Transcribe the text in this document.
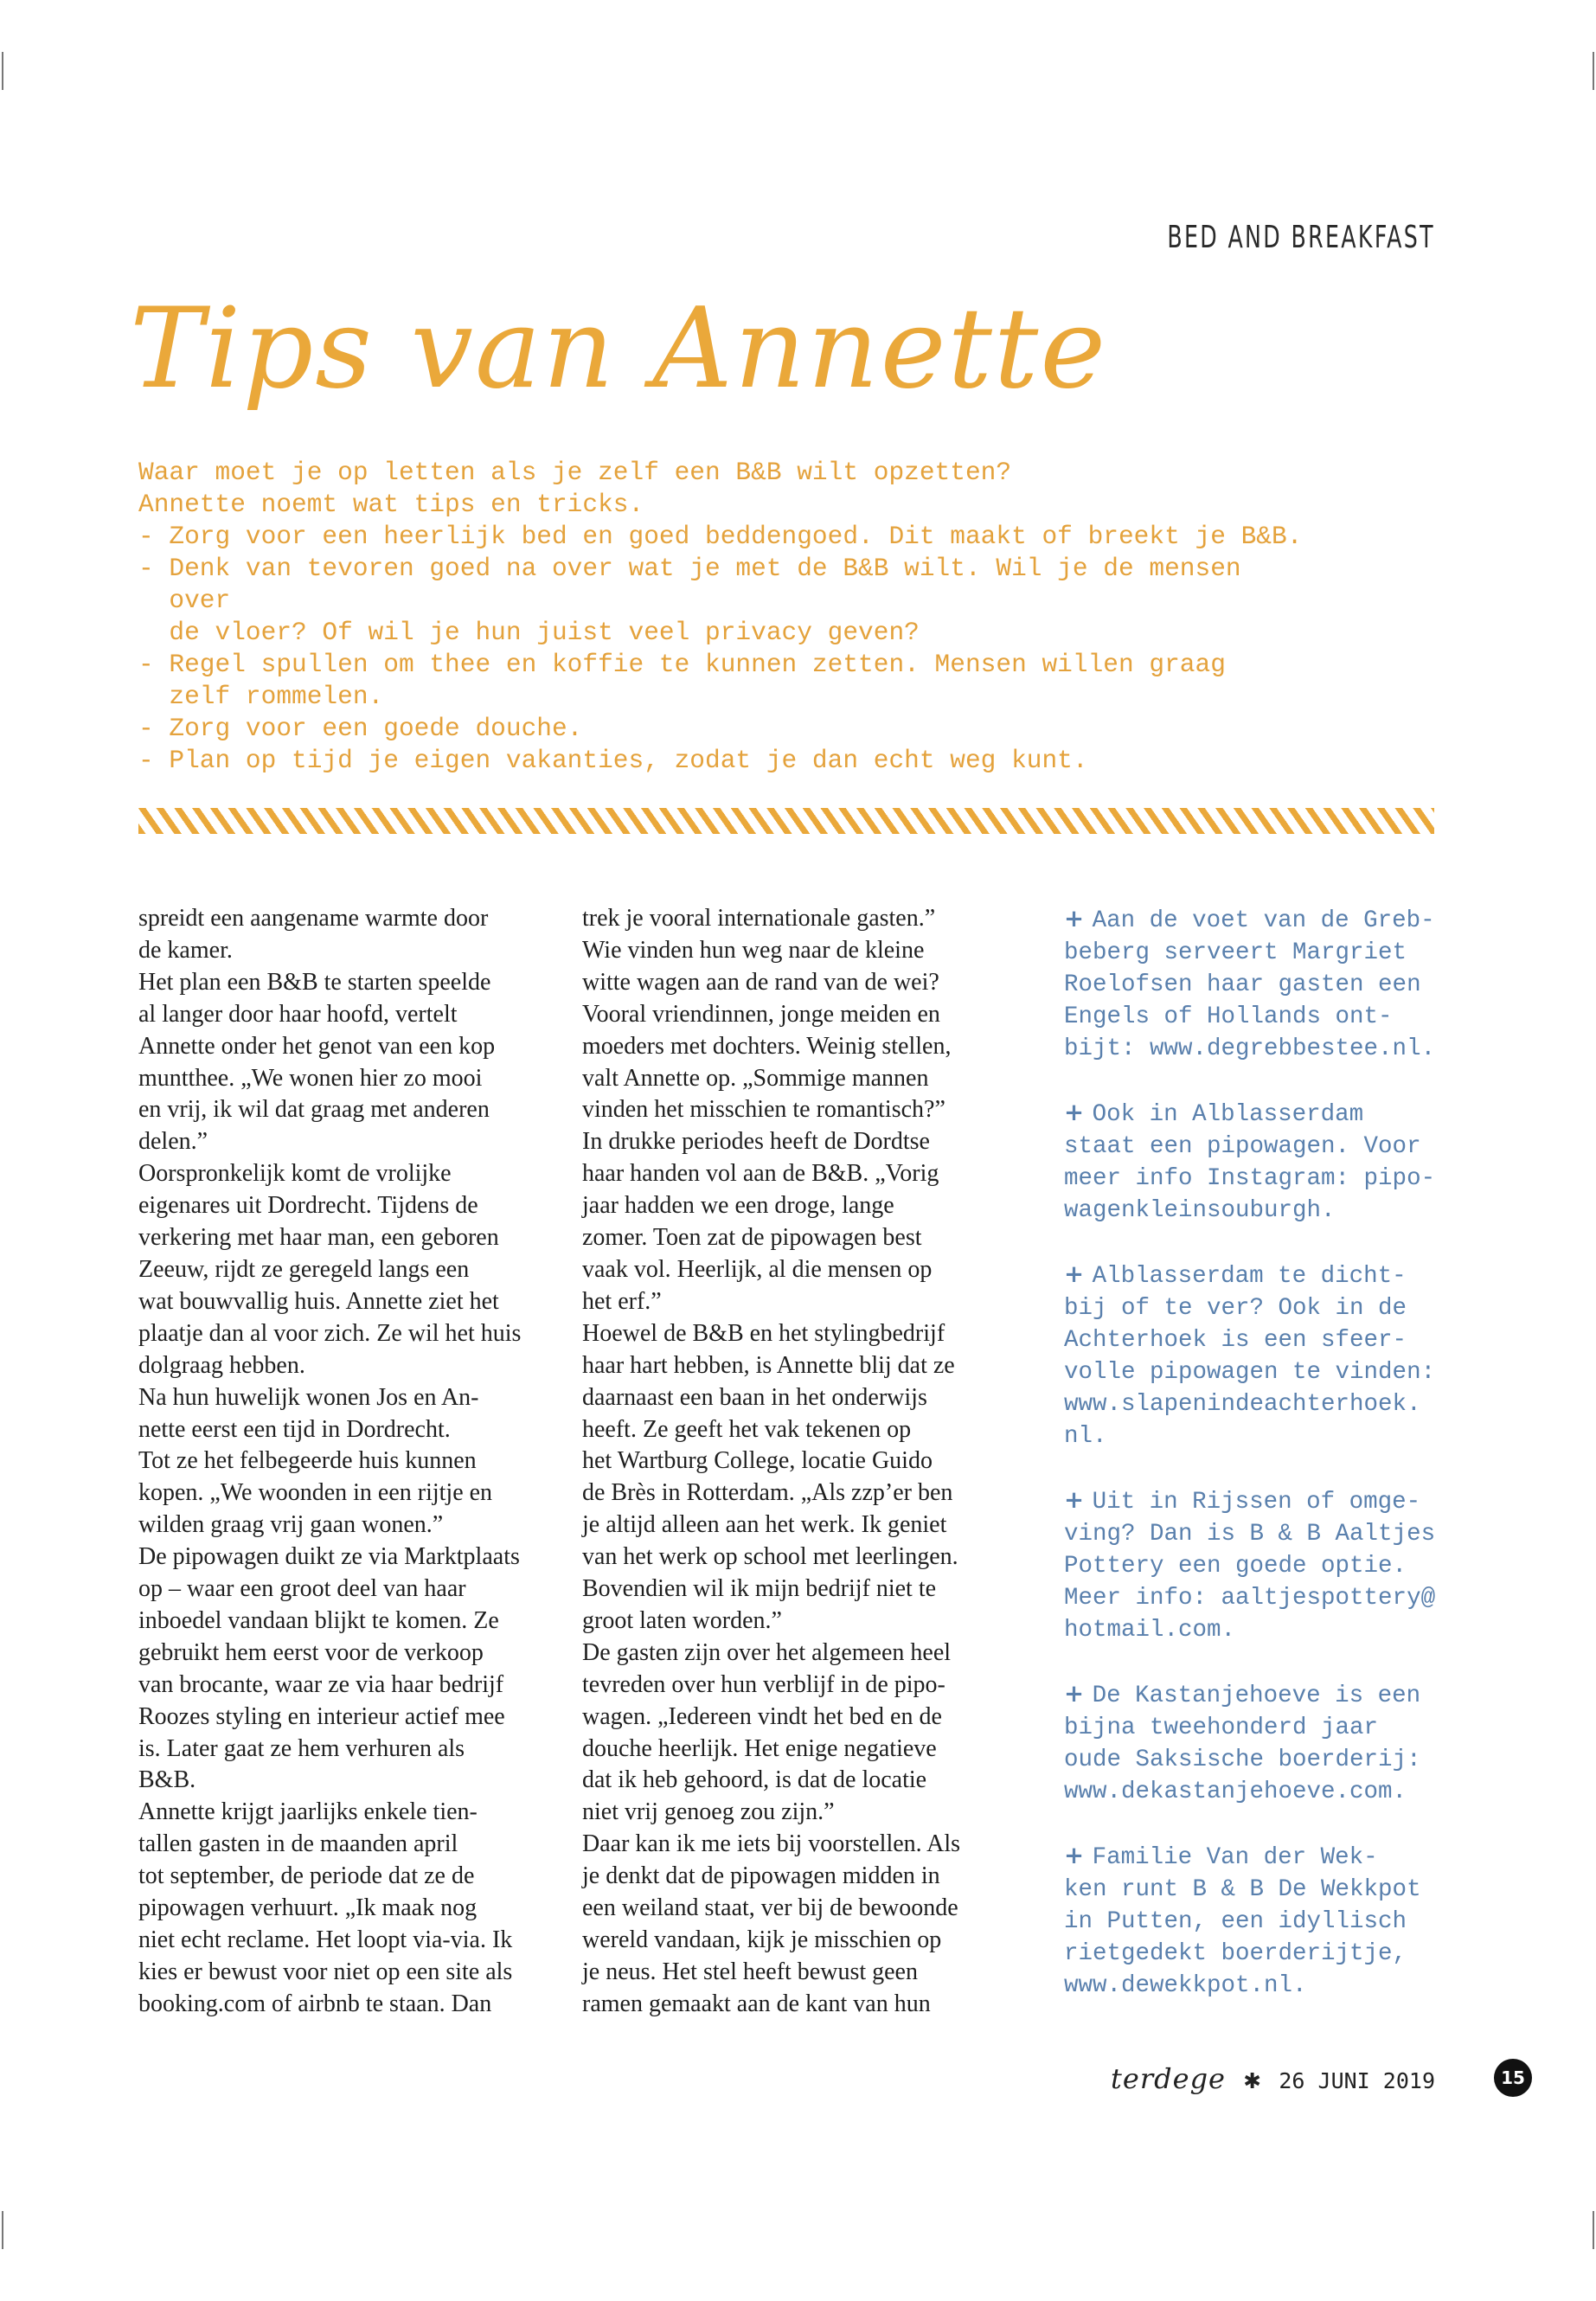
BED AND BREAKFAST
Tips van Annette
Waar moet je op letten als je zelf een B&B wilt opzetten?
Annette noemt wat tips en tricks.
- Zorg voor een heerlijk bed en goed beddengoed. Dit maakt of breekt je B&B.
- Denk van tevoren goed na over wat je met de B&B wilt. Wil je de mensen
over
de vloer? Of wil je hun juist veel privacy geven?
- Regel spullen om thee en koffie te kunnen zetten. Mensen willen graag
zelf rommelen.
- Zorg voor een goede douche.
- Plan op tijd je eigen vakanties, zodat je dan echt weg kunt.
spreidt een aangename warmte door
de kamer.
Het plan een B&B te starten speelde
al langer door haar hoofd, vertelt
Annette onder het genot van een kop
muntthee. „We wonen hier zo mooi
en vrij, ik wil dat graag met anderen
delen.”
Oorspronkelijk komt de vrolijke
eigenares uit Dordrecht. Tijdens de
verkering met haar man, een geboren
Zeeuw, rijdt ze geregeld langs een
wat bouwvallig huis. Annette ziet het
plaatje dan al voor zich. Ze wil het huis
dolgraag hebben.
Na hun huwelijk wonen Jos en An-
nette eerst een tijd in Dordrecht.
Tot ze het felbegeerde huis kunnen
kopen. „We woonden in een rijtje en
wilden graag vrij gaan wonen.”
De pipowagen duikt ze via Marktplaats
op – waar een groot deel van haar
inboedel vandaan blijkt te komen. Ze
gebruikt hem eerst voor de verkoop
van brocante, waar ze via haar bedrijf
Roozes styling en interieur actief mee
is. Later gaat ze hem verhuren als
B&B.
Annette krijgt jaarlijks enkele tien-
tallen gasten in de maanden april
tot september, de periode dat ze de
pipowagen verhuurt. „Ik maak nog
niet echt reclame. Het loopt via-via. Ik
kies er bewust voor niet op een site als
booking.com of airbnb te staan. Dan
trek je vooral internationale gasten.”
Wie vinden hun weg naar de kleine
witte wagen aan de rand van de wei?
Vooral vriendinnen, jonge meiden en
moeders met dochters. Weinig stellen,
valt Annette op. „Sommige mannen
vinden het misschien te romantisch?”
In drukke periodes heeft de Dordtse
haar handen vol aan de B&B. „Vorig
jaar hadden we een droge, lange
zomer. Toen zat de pipowagen best
vaak vol. Heerlijk, al die mensen op
het erf.”
Hoewel de B&B en het stylingbedrijf
haar hart hebben, is Annette blij dat ze
daarnaast een baan in het onderwijs
heeft. Ze geeft het vak tekenen op
het Wartburg College, locatie Guido
de Brès in Rotterdam. „Als zzp’er ben
je altijd alleen aan het werk. Ik geniet
van het werk op school met leerlingen.
Bovendien wil ik mijn bedrijf niet te
groot laten worden.”
De gasten zijn over het algemeen heel
tevreden over hun verblijf in de pipo-
wagen. „Iedereen vindt het bed en de
douche heerlijk. Het enige negatieve
dat ik heb gehoord, is dat de locatie
niet vrij genoeg zou zijn.”
Daar kan ik me iets bij voorstellen. Als
je denkt dat de pipowagen midden in
een weiland staat, ver bij de bewoonde
wereld vandaan, kijk je misschien op
je neus. Het stel heeft bewust geen
ramen gemaakt aan de kant van hun
+ Aan de voet van de Greb-
beberg serveert Margriet
Roelofsen haar gasten een
Engels of Hollands ont-
bijt: www.degrebbestee.nl.
+ Ook in Alblasserdam
staat een pipowagen. Voor
meer info Instagram: pipo-
wagenkleinsouburgh.
+ Alblasserdam te dicht-
bij of te ver? Ook in de
Achterhoek is een sfeer-
volle pipowagen te vinden:
www.slapenindeachterhoek.
nl.
+ Uit in Rijssen of omge-
ving? Dan is B & B Aaltjes
Pottery een goede optie.
Meer info: aaltjespottery@
hotmail.com.
+ De Kastanjehoeve is een
bijna tweehonderd jaar
oude Saksische boerderij:
www.dekastanjehoeve.com.
+ Familie Van der Wek-
ken runt B & B De Wekkpot
in Putten, een idyllisch
rietgedekt boerderijtje,
www.dewekkpot.nl.
terdege ✱ 26 JUNI 2019	15
